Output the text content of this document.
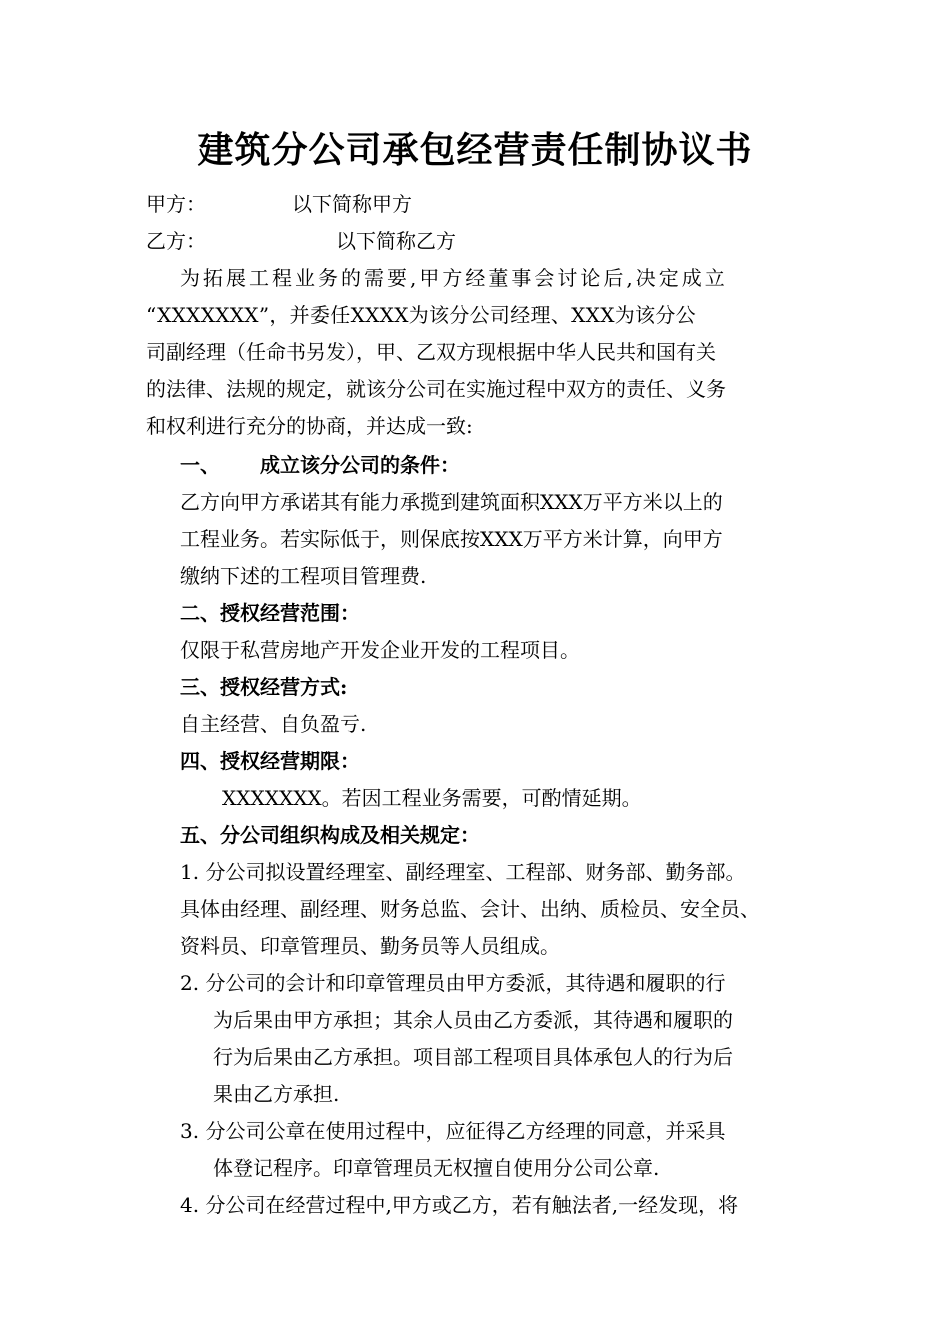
建筑分公司承包经营责任制协议书
甲方：	以下简称甲方
乙方：	以下简称乙方
为拓展工程业务的需要,甲方经董事会讨论后,决定成立
“XXXXXXX”，并委任XXXX为该分公司经理、XXX为该分公
司副经理（任命书另发），甲、乙双方现根据中华人民共和国有关
的法律、法规的规定，就该分公司在实施过程中双方的责任、义务
和权利进行充分的协商，并达成一致:
一、 成立该分公司的条件：
乙方向甲方承诺其有能力承揽到建筑面积XXX万平方米以上的
工程业务。若实际低于，则保底按XXX万平方米计算，向甲方
缴纳下述的工程项目管理费.
二、授权经营范围：
仅限于私营房地产开发企业开发的工程项目。
三、授权经营方式:
自主经营、自负盈亏.
四、授权经营期限：
XXXXXXX。若因工程业务需要，可酌情延期。
五、分公司组织构成及相关规定：
1. 分公司拟设置经理室、副经理室、工程部、财务部、勤务部。
具体由经理、副经理、财务总监、会计、出纳、质检员、安全员、
资料员、印章管理员、勤务员等人员组成。
2. 分公司的会计和印章管理员由甲方委派，其待遇和履职的行
为后果由甲方承担；其余人员由乙方委派，其待遇和履职的
行为后果由乙方承担。项目部工程项目具体承包人的行为后
果由乙方承担.
3. 分公司公章在使用过程中，应征得乙方经理的同意，并采具
体登记程序。印章管理员无权擅自使用分公司公章.
4. 分公司在经营过程中,甲方或乙方，若有触法者,一经发现，将
